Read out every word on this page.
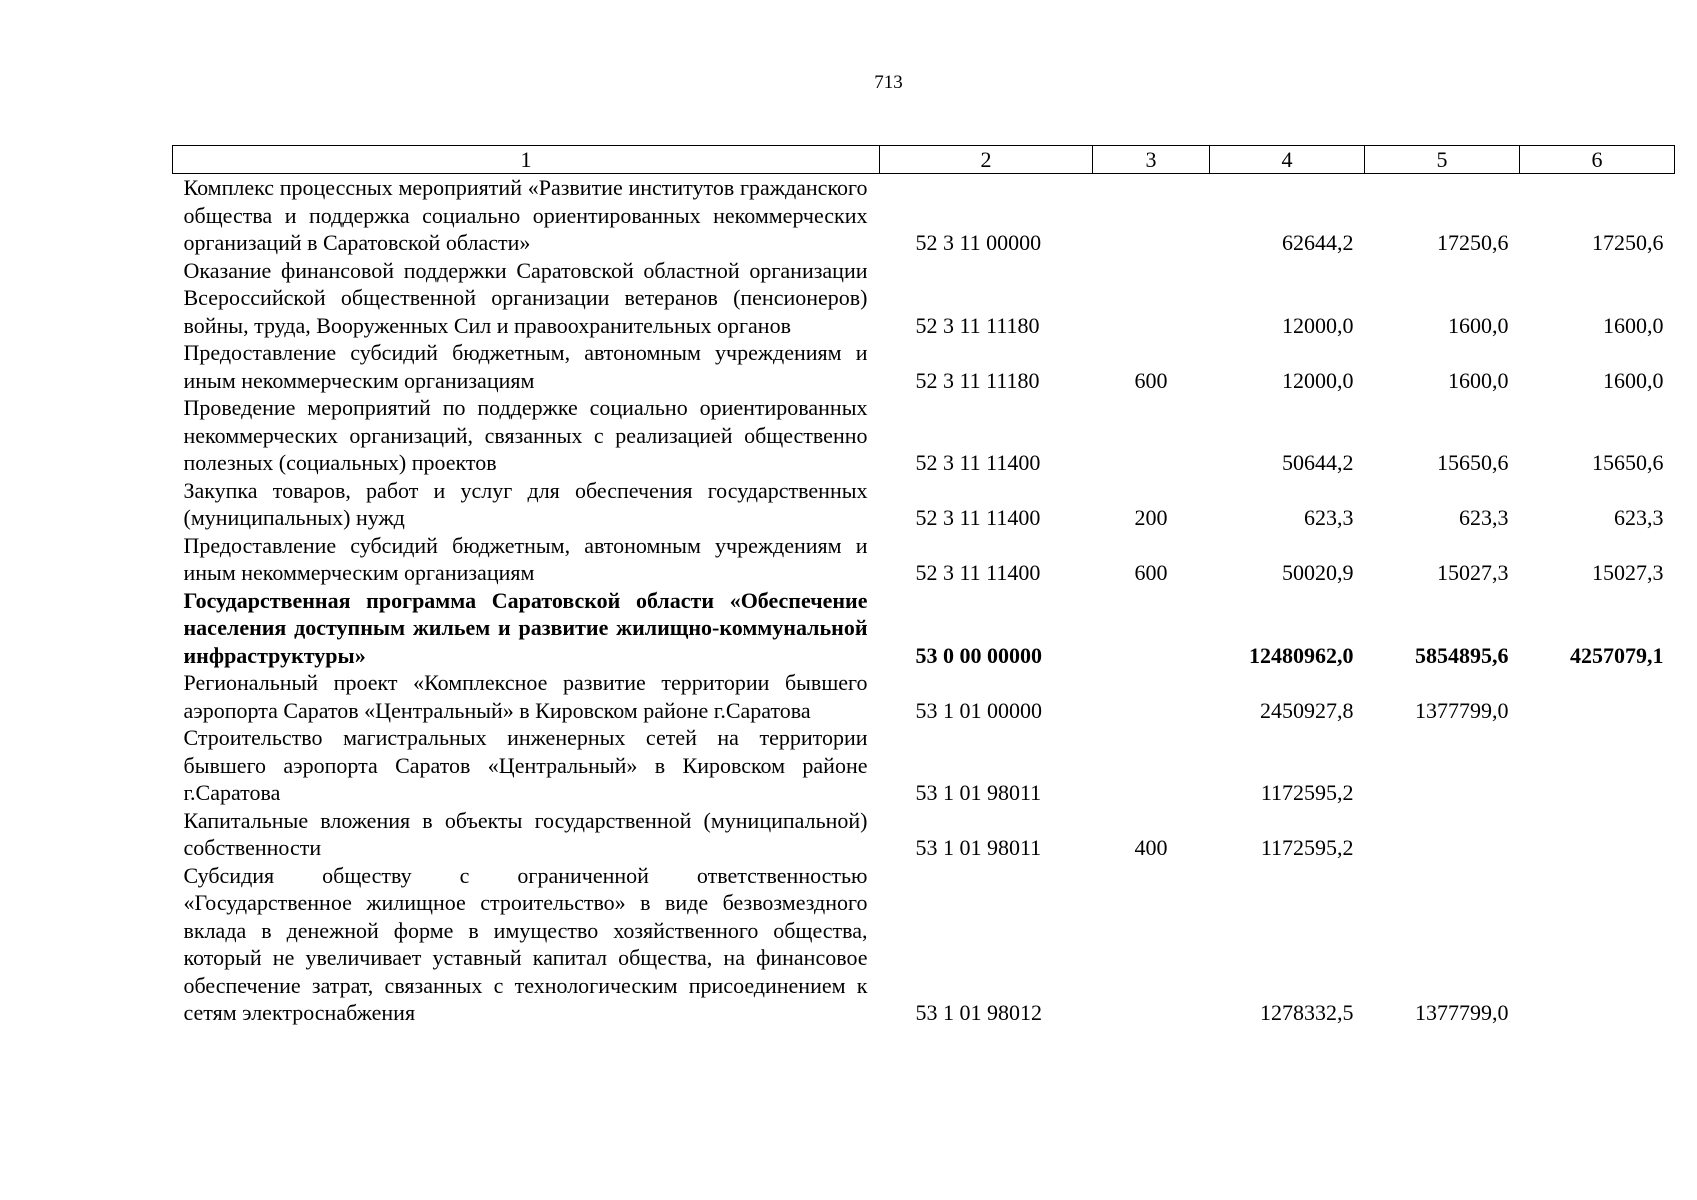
713
1	2	3	4	5	6
Комплекс процессных мероприятий «Развитие институтов гражданского общества и поддержка социально ориентированных некоммерческих организаций в Саратовской области»	52 3 11 00000		62644,2	17250,6	17250,6
Оказание финансовой поддержки Саратовской областной организации Всероссийской общественной организации ветеранов (пенсионеров) войны, труда, Вооруженных Сил и правоохранительных органов	52 3 11 11180		12000,0	1600,0	1600,0
Предоставление субсидий бюджетным, автономным учреждениям и иным некоммерческим организациям	52 3 11 11180	600	12000,0	1600,0	1600,0
Проведение мероприятий по поддержке социально ориентированных некоммерческих организаций, связанных с реализацией общественно полезных (социальных) проектов	52 3 11 11400		50644,2	15650,6	15650,6
Закупка товаров, работ и услуг для обеспечения государственных (муниципальных) нужд	52 3 11 11400	200	623,3	623,3	623,3
Предоставление субсидий бюджетным, автономным учреждениям и иным некоммерческим организациям	52 3 11 11400	600	50020,9	15027,3	15027,3
Государственная программа Саратовской области «Обеспечение населения доступным жильем и развитие жилищно-коммунальной инфраструктуры»	53 0 00 00000		12480962,0	5854895,6	4257079,1
Региональный проект «Комплексное развитие территории бывшего аэропорта Саратов «Центральный» в Кировском районе г.Саратова	53 1 01 00000		2450927,8	1377799,0	
Строительство магистральных инженерных сетей на территории бывшего аэропорта Саратов «Центральный» в Кировском районе г.Саратова	53 1 01 98011		1172595,2		
Капитальные вложения в объекты государственной (муниципальной) собственности	53 1 01 98011	400	1172595,2		
Субсидия обществу с ограниченной ответственностью «Государственное жилищное строительство» в виде безвозмездного вклада в денежной форме в имущество хозяйственного общества, который не увеличивает уставный капитал общества, на финансовое обеспечение затрат, связанных с технологическим присоединением к сетям электроснабжения	53 1 01 98012		1278332,5	1377799,0	
